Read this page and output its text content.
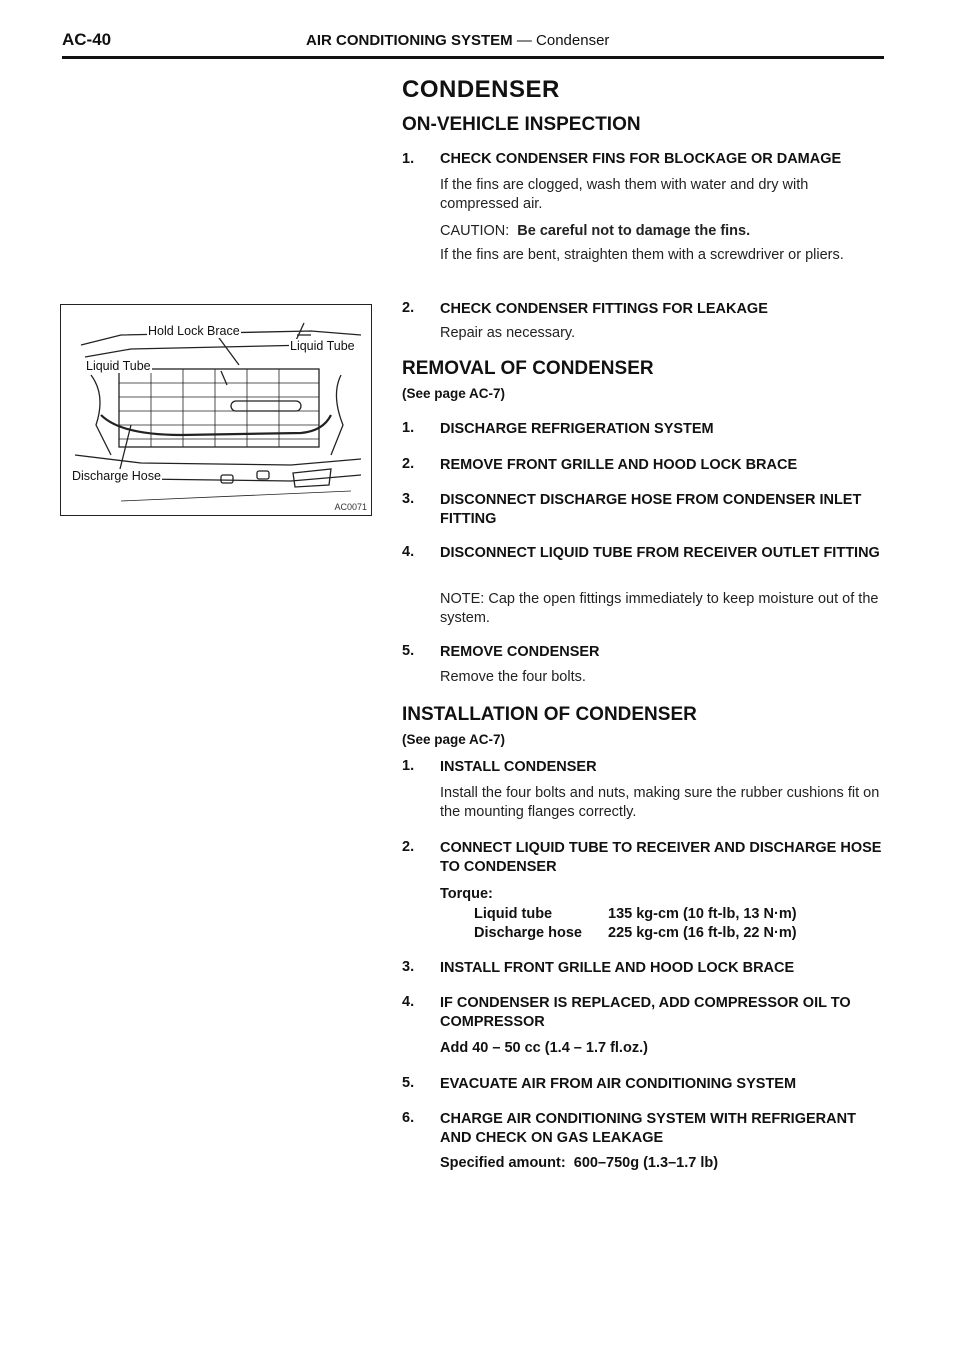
AC-40	AIR CONDITIONING SYSTEM — Condenser
Hold Lock Brace
Liquid Tube
Liquid Tube
Discharge Hose
AC0071
CONDENSER
ON-VEHICLE INSPECTION
1. CHECK CONDENSER FINS FOR BLOCKAGE OR DAMAGE
If the fins are clogged, wash them with water and dry with compressed air.
CAUTION: Be careful not to damage the fins.
If the fins are bent, straighten them with a screwdriver or pliers.
2. CHECK CONDENSER FITTINGS FOR LEAKAGE
Repair as necessary.
REMOVAL OF CONDENSER
(See page AC-7)
1. DISCHARGE REFRIGERATION SYSTEM
2. REMOVE FRONT GRILLE AND HOOD LOCK BRACE
3. DISCONNECT DISCHARGE HOSE FROM CONDENSER INLET FITTING
4. DISCONNECT LIQUID TUBE FROM RECEIVER OUTLET FITTING
NOTE: Cap the open fittings immediately to keep moisture out of the system.
5. REMOVE CONDENSER
Remove the four bolts.
INSTALLATION OF CONDENSER
(See page AC-7)
1. INSTALL CONDENSER
Install the four bolts and nuts, making sure the rubber cushions fit on the mounting flanges correctly.
2. CONNECT LIQUID TUBE TO RECEIVER AND DISCHARGE HOSE TO CONDENSER
Torque:
Liquid tube	135 kg-cm (10 ft-lb, 13 N·m)
Discharge hose 225 kg-cm (16 ft-lb, 22 N·m)
3. INSTALL FRONT GRILLE AND HOOD LOCK BRACE
4. IF CONDENSER IS REPLACED, ADD COMPRESSOR OIL TO COMPRESSOR
Add 40 – 50 cc (1.4 – 1.7 fl.oz.)
5. EVACUATE AIR FROM AIR CONDITIONING SYSTEM
6. CHARGE AIR CONDITIONING SYSTEM WITH REFRIGERANT AND CHECK ON GAS LEAKAGE
Specified amount: 600–750g (1.3–1.7 lb)
